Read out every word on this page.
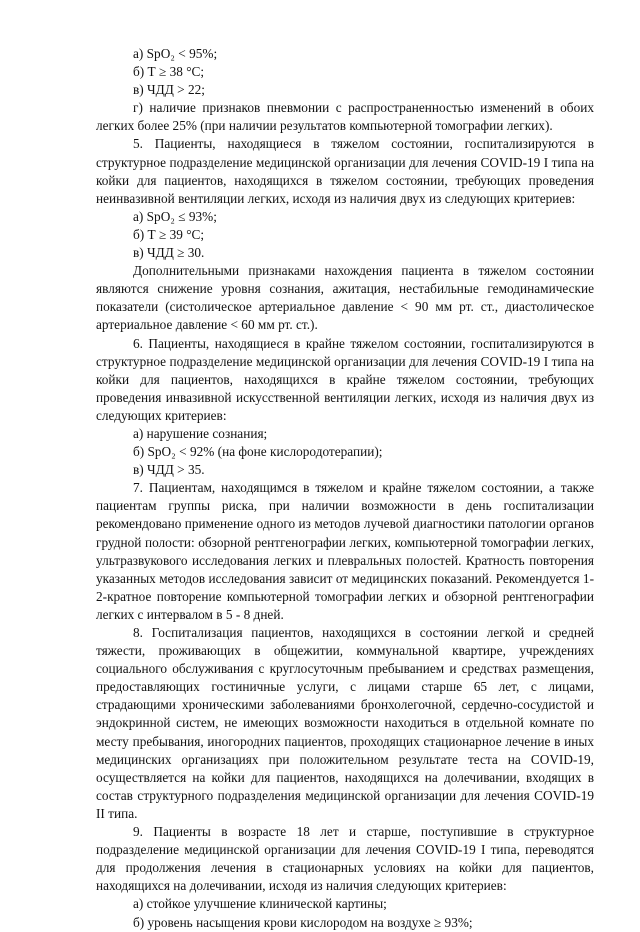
а) SpO₂ < 95%;

б) Т ≥ 38 °С;

в) ЧДД > 22;

г) наличие признаков пневмонии с распространенностью изменений в обоих легких более 25% (при наличии результатов компьютерной томографии легких).

5. Пациенты, находящиеся в тяжелом состоянии, госпитализируются в структурное подразделение медицинской организации для лечения COVID-19 I типа на койки для пациентов, находящихся в тяжелом состоянии, требующих проведения неинвазивной вентиляции легких, исходя из наличия двух из следующих критериев:

а) SpO₂ ≤ 93%;

б) Т ≥ 39 °С;

в) ЧДД ≥ 30.

Дополнительными признаками нахождения пациента в тяжелом состоянии являются снижение уровня сознания, ажитация, нестабильные гемодинамические показатели (систолическое артериальное давление < 90 мм рт. ст., диастолическое артериальное давление < 60 мм рт. ст.).

6. Пациенты, находящиеся в крайне тяжелом состоянии, госпитализируются в структурное подразделение медицинской организации для лечения COVID-19 I типа на койки для пациентов, находящихся в крайне тяжелом состоянии, требующих проведения инвазивной искусственной вентиляции легких, исходя из наличия двух из следующих критериев:

а) нарушение сознания;

б) SpO₂ < 92% (на фоне кислородотерапии);

в) ЧДД > 35.

7. Пациентам, находящимся в тяжелом и крайне тяжелом состоянии, а также пациентам группы риска, при наличии возможности в день госпитализации рекомендовано применение одного из методов лучевой диагностики патологии органов грудной полости: обзорной рентгенографии легких, компьютерной томографии легких, ультразвукового исследования легких и плевральных полостей. Кратность повторения указанных методов исследования зависит от медицинских показаний. Рекомендуется 1-2-кратное повторение компьютерной томографии легких и обзорной рентгенографии легких с интервалом в 5 - 8 дней.

8. Госпитализация пациентов, находящихся в состоянии легкой и средней тяжести, проживающих в общежитии, коммунальной квартире, учреждениях социального обслуживания с круглосуточным пребыванием и средствах размещения, предоставляющих гостиничные услуги, с лицами старше 65 лет, с лицами, страдающими хроническими заболеваниями бронхолегочной, сердечно-сосудистой и эндокринной систем, не имеющих возможности находиться в отдельной комнате по месту пребывания, иногородних пациентов, проходящих стационарное лечение в иных медицинских организациях при положительном результате теста на COVID-19, осуществляется на койки для пациентов, находящихся на долечивании, входящих в состав структурного подразделения медицинской организации для лечения COVID-19 II типа.

9. Пациенты в возрасте 18 лет и старше, поступившие в структурное подразделение медицинской организации для лечения COVID-19 I типа, переводятся для продолжения лечения в стационарных условиях на койки для пациентов, находящихся на долечивании, исходя из наличия следующих критериев:

а) стойкое улучшение клинической картины;

б) уровень насыщения крови кислородом на воздухе ≥ 93%;
